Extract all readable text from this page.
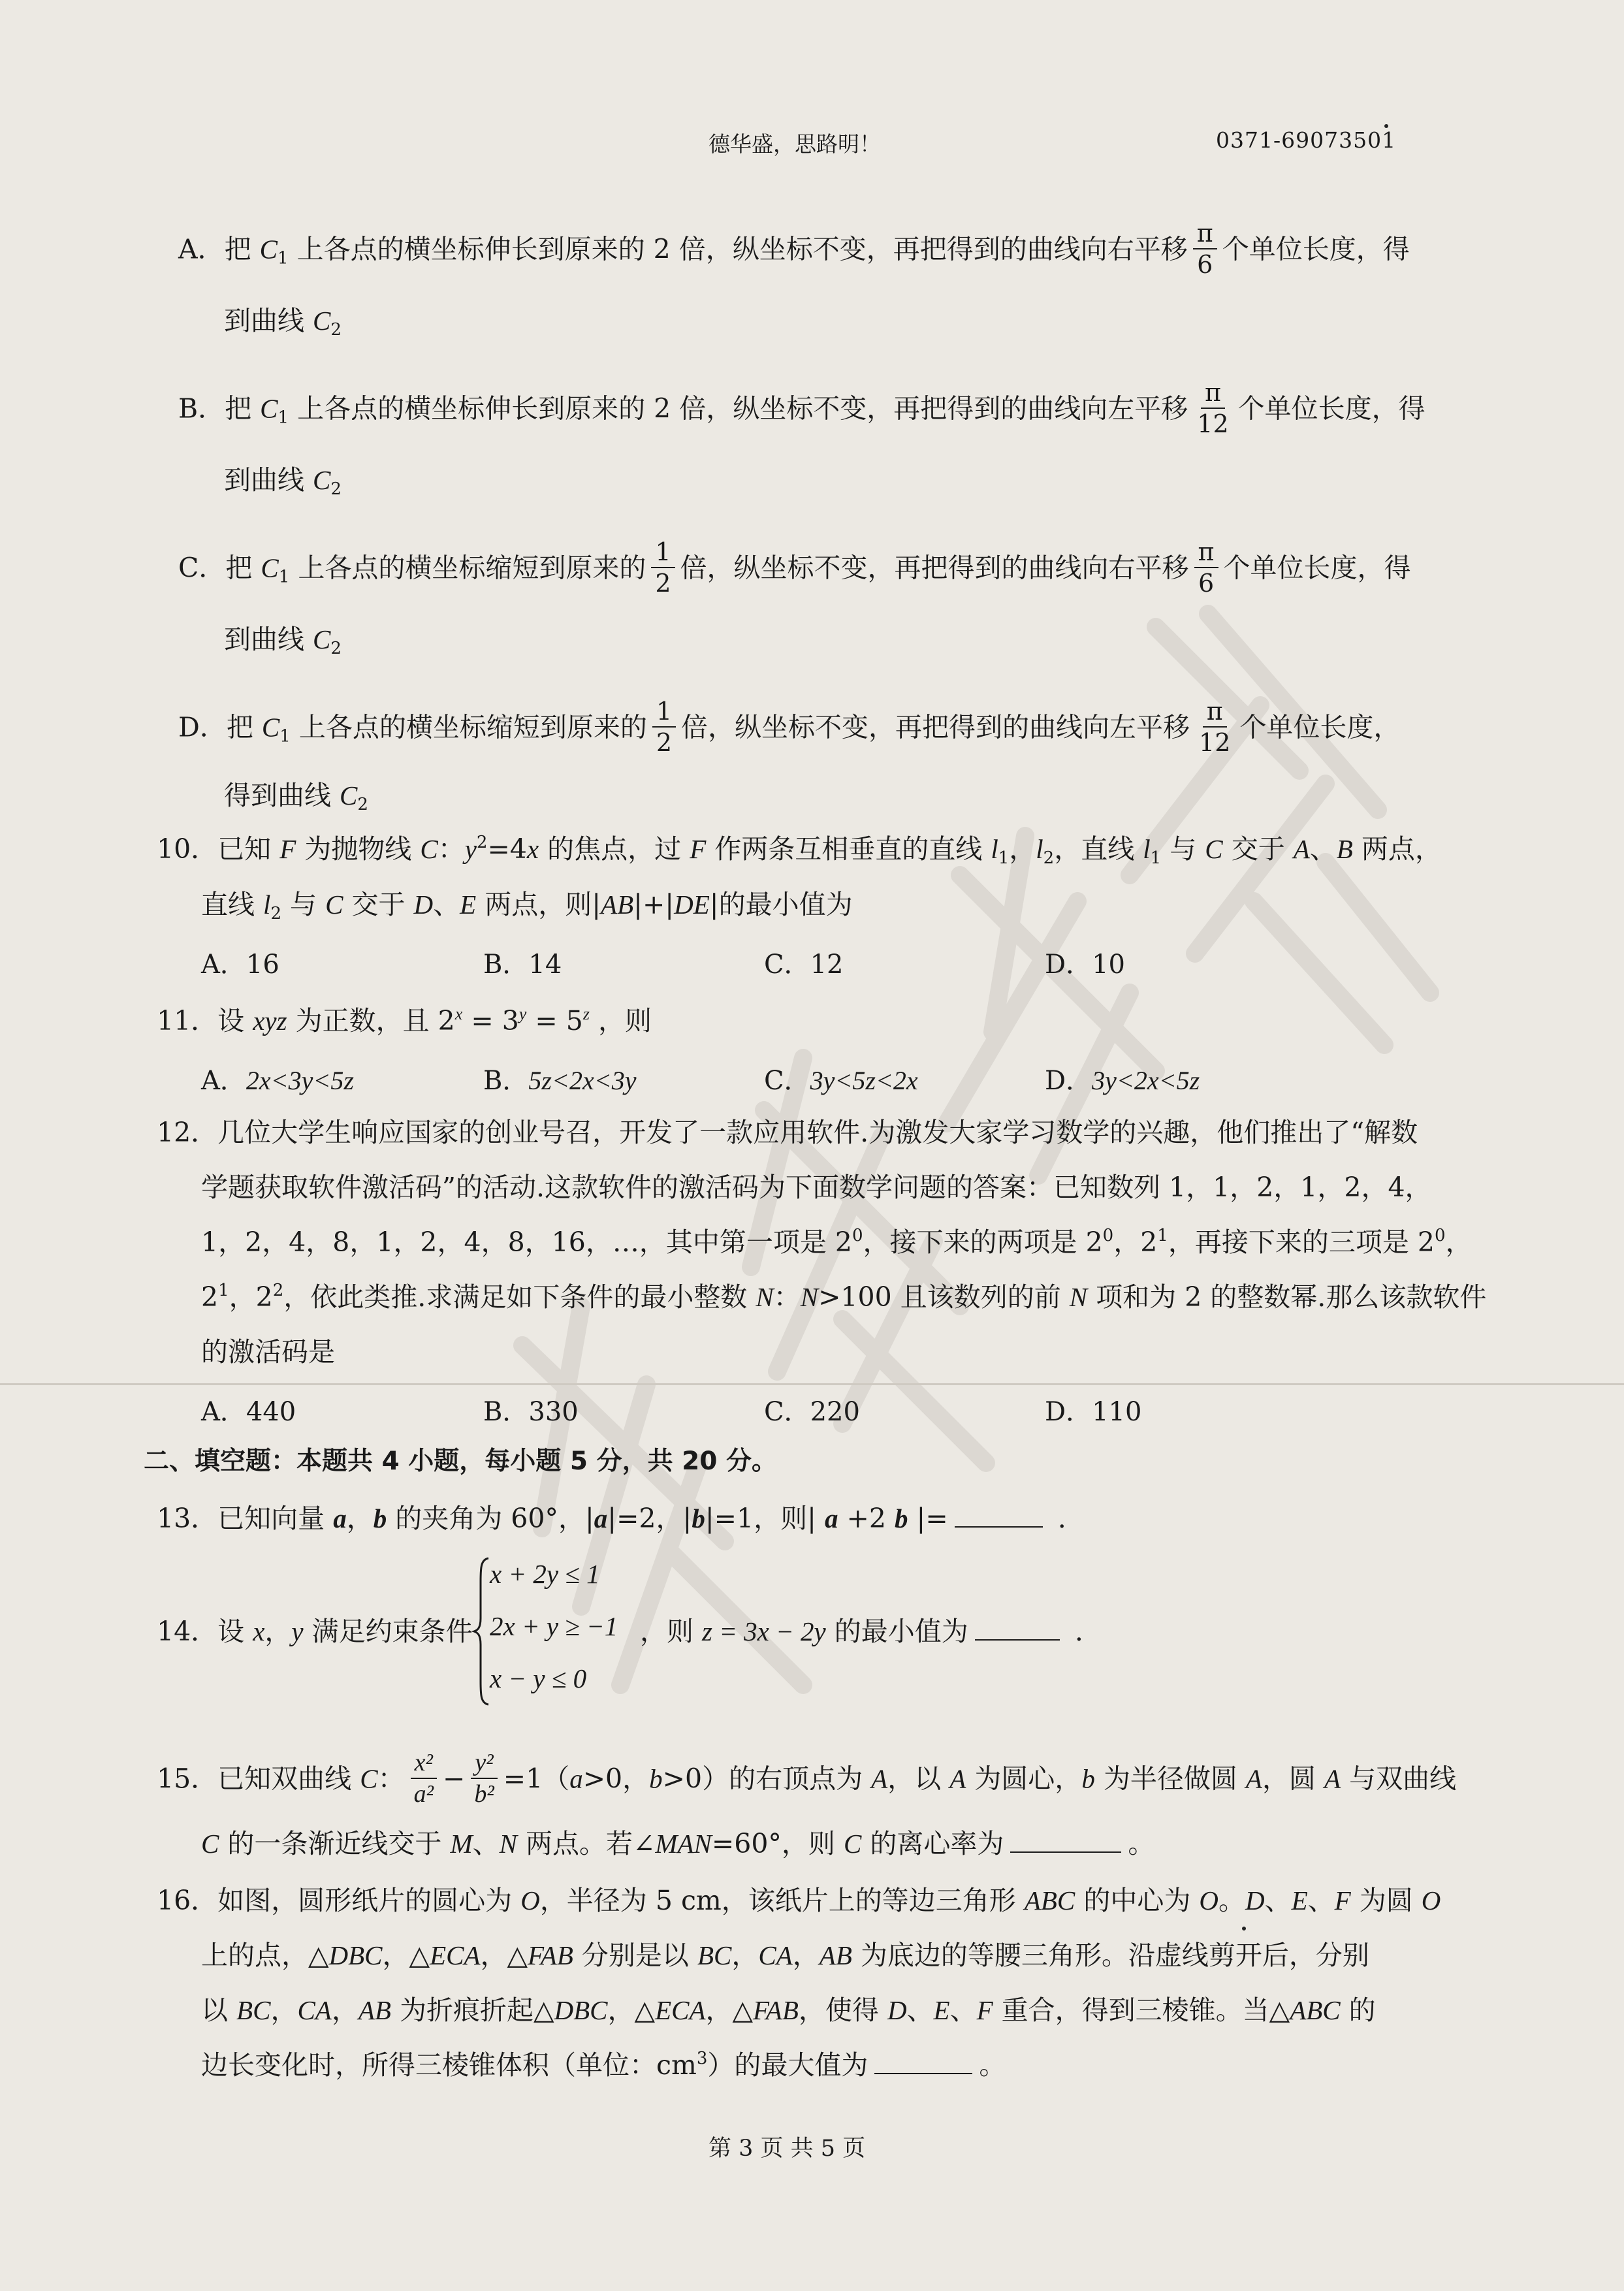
德华盛，思路明！	0371-69073501
A．把 $C_1$ 上各点的横坐标伸长到原来的 2 倍，纵坐标不变，再把得到的曲线向右平移 $\frac{\pi}{6}$ 个单位长度，得
到曲线 $C_2$
B．把 $C_1$ 上各点的横坐标伸长到原来的 2 倍，纵坐标不变，再把得到的曲线向左平移 $\frac{\pi}{12}$ 个单位长度，得
到曲线 $C_2$
C．把 $C_1$ 上各点的横坐标缩短到原来的 $\frac{1}{2}$ 倍，纵坐标不变，再把得到的曲线向右平移 $\frac{\pi}{6}$ 个单位长度，得
到曲线 $C_2$
D．把 $C_1$ 上各点的横坐标缩短到原来的 $\frac{1}{2}$ 倍，纵坐标不变，再把得到的曲线向左平移 $\frac{\pi}{12}$ 个单位长度，
得到曲线 $C_2$
10．已知 F 为抛物线 C：$y^2=4x$ 的焦点，过 F 作两条互相垂直的直线 $l_1$，$l_2$，直线 $l_1$ 与 C 交于 A、B 两点，
直线 $l_2$ 与 C 交于 D、E 两点，则|AB|+|DE|的最小值为
A．16	B．14	C．12	D．10
11．设 xyz 为正数，且 $2^x = 3^y = 5^z$ ，则
A．2x<3y<5z	B．5z<2x<3y	C．3y<5z<2x	D．3y<2x<5z
12．几位大学生响应国家的创业号召，开发了一款应用软件.为激发大家学习数学的兴趣，他们推出了“解数
学题获取软件激活码”的活动.这款软件的激活码为下面数学问题的答案：已知数列 1，1，2，1，2，4，
1，2，4，8，1，2，4，8，16，…，其中第一项是 $2^0$，接下来的两项是 $2^0$，$2^1$，再接下来的三项是 $2^0$，
$2^1$，$2^2$，依此类推.求满足如下条件的最小整数 N：N>100 且该数列的前 N 项和为 2 的整数幂.那么该款软件
的激活码是
A．440	B．330	C．220	D．110
二、填空题：本题共 4 小题，每小题 5 分，共 20 分。
13．已知向量 a，b 的夹角为 60°，|a|=2，|b|=1，则| a +2 b |=	.
14．设 x，y 满足约束条件
x + 2y ≤ 1
2x + y ≥ −1
x − y ≤ 0
，则 z = 3x − 2y 的最小值为	.
15．已知双曲线 C： $\frac{\text{x²}}{\text{a²}} - \frac{\text{y²}}{\text{b²}} =1(a>0$，b>0）的右顶点为 A，以 A 为圆心，b 为半径做圆 A，圆 A 与双曲线
C 的一条渐近线交于 M、N 两点。若∠MAN=60°，则 C 的离心率为	。
16．如图，圆形纸片的圆心为 O，半径为 5 cm，该纸片上的等边三角形 ABC 的中心为 O。D、E、F 为圆 O
上的点，△DBC，△ECA，△FAB 分别是以 BC，CA，AB 为底边的等腰三角形。沿虚线剪开后，分别
以 BC，CA，AB 为折痕折起△DBC，△ECA，△FAB，使得 D、E、F 重合，得到三棱锥。当△ABC 的
边长变化时，所得三棱锥体积（单位：$cm^3$）的最大值为	。
第 3 页 共 5 页
